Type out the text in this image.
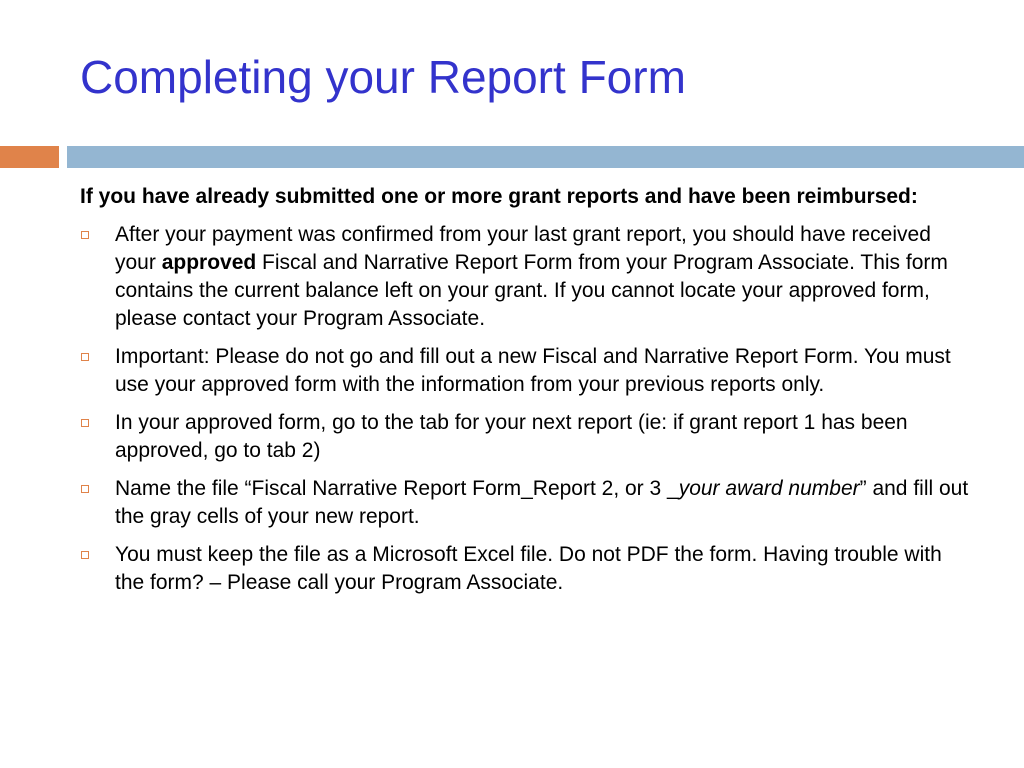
Completing your Report Form

If you have already submitted one or more grant reports and have been reimbursed:

After your payment was confirmed from your last grant report, you should have received your approved Fiscal and Narrative Report Form from your Program Associate. This form contains the current balance left on your grant. If you cannot locate your approved form, please contact your Program Associate.
Important: Please do not go and fill out a new Fiscal and Narrative Report Form. You must use your approved form with the information from your previous reports only.
In your approved form, go to the tab for your next report (ie: if grant report 1 has been approved, go to tab 2)
Name the file “Fiscal Narrative Report Form_Report 2, or 3 _your award number” and fill out the gray cells of your new report.
You must keep the file as a Microsoft Excel file. Do not PDF the form. Having trouble with the form? – Please call your Program Associate.
